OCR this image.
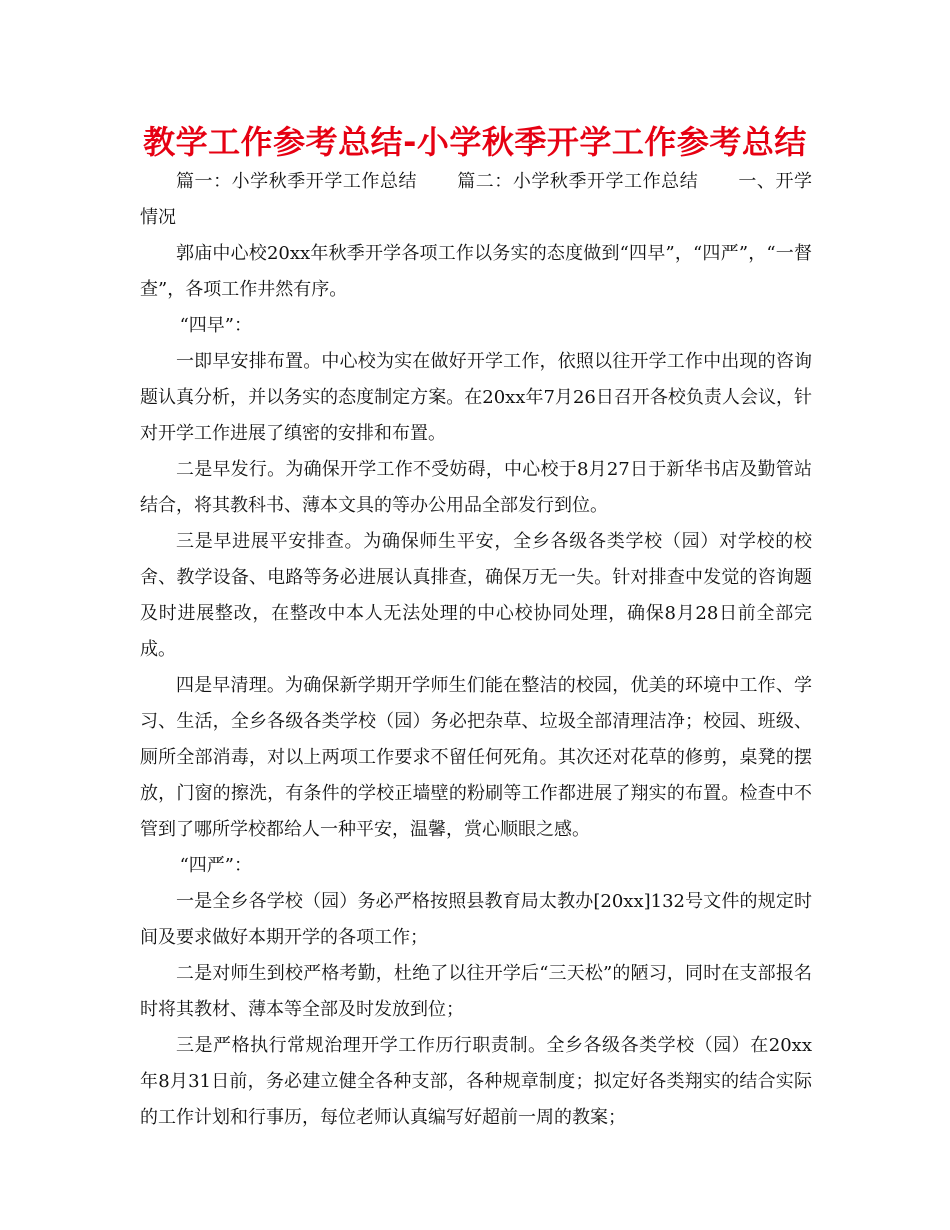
教学工作参考总结-小学秋季开学工作参考总结

篇一：小学秋季开学工作总结 篇二：小学秋季开学工作总结 一、开学情况

郭庙中心校20xx年秋季开学各项工作以务实的态度做到“四早”，“四严”，“一督查”，各项工作井然有序。

“四早”：

一即早安排布置。中心校为实在做好开学工作，依照以往开学工作中出现的咨询题认真分析，并以务实的态度制定方案。在20xx年7月26日召开各校负责人会议，针对开学工作进展了缜密的安排和布置。

二是早发行。为确保开学工作不受妨碍，中心校于8月27日于新华书店及勤管站结合，将其教科书、薄本文具的等办公用品全部发行到位。

三是早进展平安排查。为确保师生平安，全乡各级各类学校（园）对学校的校舍、教学设备、电路等务必进展认真排查，确保万无一失。针对排查中发觉的咨询题及时进展整改，在整改中本人无法处理的中心校协同处理，确保8月28日前全部完成。

四是早清理。为确保新学期开学师生们能在整洁的校园，优美的环境中工作、学习、生活，全乡各级各类学校（园）务必把杂草、垃圾全部清理洁净；校园、班级、厕所全部消毒，对以上两项工作要求不留任何死角。其次还对花草的修剪，桌凳的摆放，门窗的擦洗，有条件的学校正墙壁的粉刷等工作都进展了翔实的布置。检查中不管到了哪所学校都给人一种平安，温馨，赏心顺眼之感。

“四严”：

一是全乡各学校（园）务必严格按照县教育局太教办[20xx]132号文件的规定时间及要求做好本期开学的各项工作；

二是对师生到校严格考勤，杜绝了以往开学后“三天松”的陋习，同时在支部报名时将其教材、薄本等全部及时发放到位；

三是严格执行常规治理开学工作历行职责制。全乡各级各类学校（园）在20xx年8月31日前，务必建立健全各种支部，各种规章制度；拟定好各类翔实的结合实际的工作计划和行事历，每位老师认真编写好超前一周的教案；
